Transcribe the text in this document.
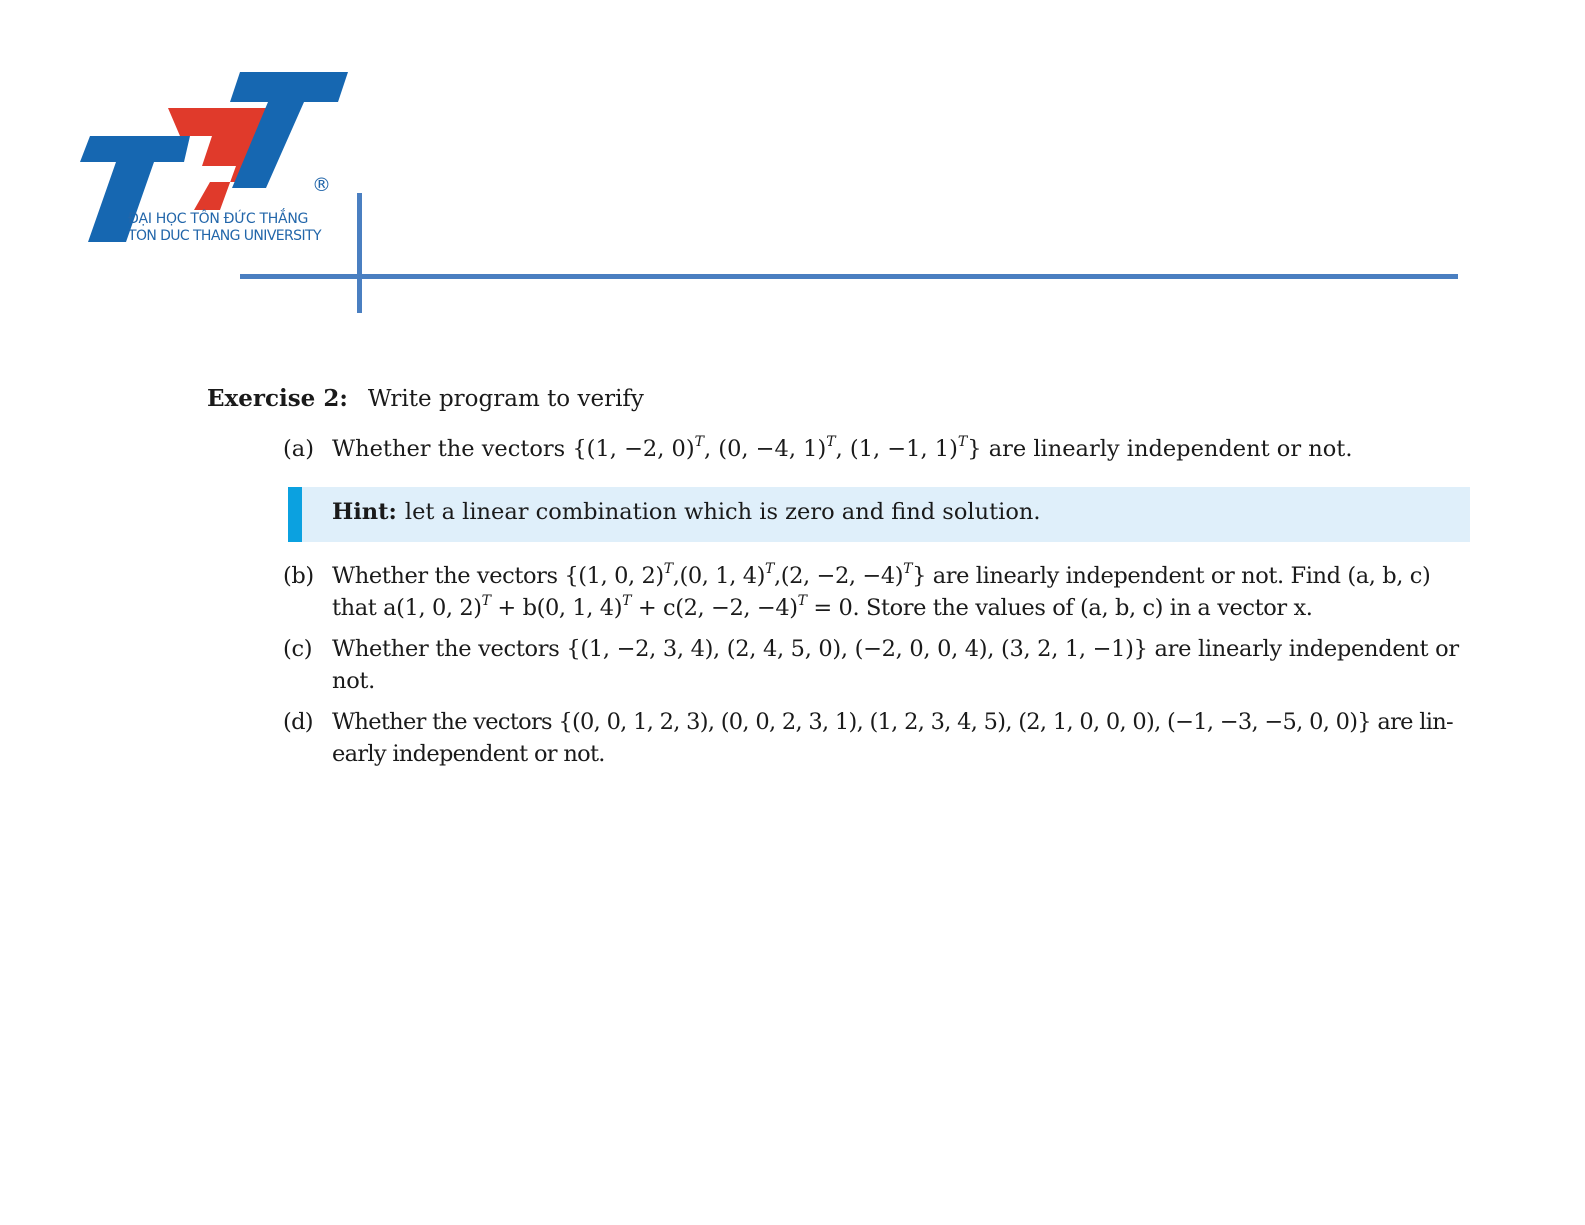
®
ĐẠI HỌC TÔN ĐỨC THẮNG
TON DUC THANG UNIVERSITY
Exercise 2: Write program to verify
(a) Whether the vectors {(1, −2, 0)$^T$, (0, −4, 1)$^T$, (1, −1, 1)$^T$} are linearly independent or not.
Hint: let a linear combination which is zero and find solution.
(b) Whether the vectors {(1, 0, 2)$^T$,(0, 1, 4)$^T$,(2, −2, −4)$^T$} are linearly independent or not. Find (a, b, c)
that a(1, 0, 2)$^T$ + b(0, 1, 4)$^T$ + c(2, −2, −4)$^T$ = 0. Store the values of (a, b, c) in a vector x.
(c) Whether the vectors {(1, −2, 3, 4), (2, 4, 5, 0), (−2, 0, 0, 4), (3, 2, 1, −1)} are linearly independent or
not.
(d) Whether the vectors {(0, 0, 1, 2, 3), (0, 0, 2, 3, 1), (1, 2, 3, 4, 5), (2, 1, 0, 0, 0), (−1, −3, −5, 0, 0)} are lin-
early independent or not.
